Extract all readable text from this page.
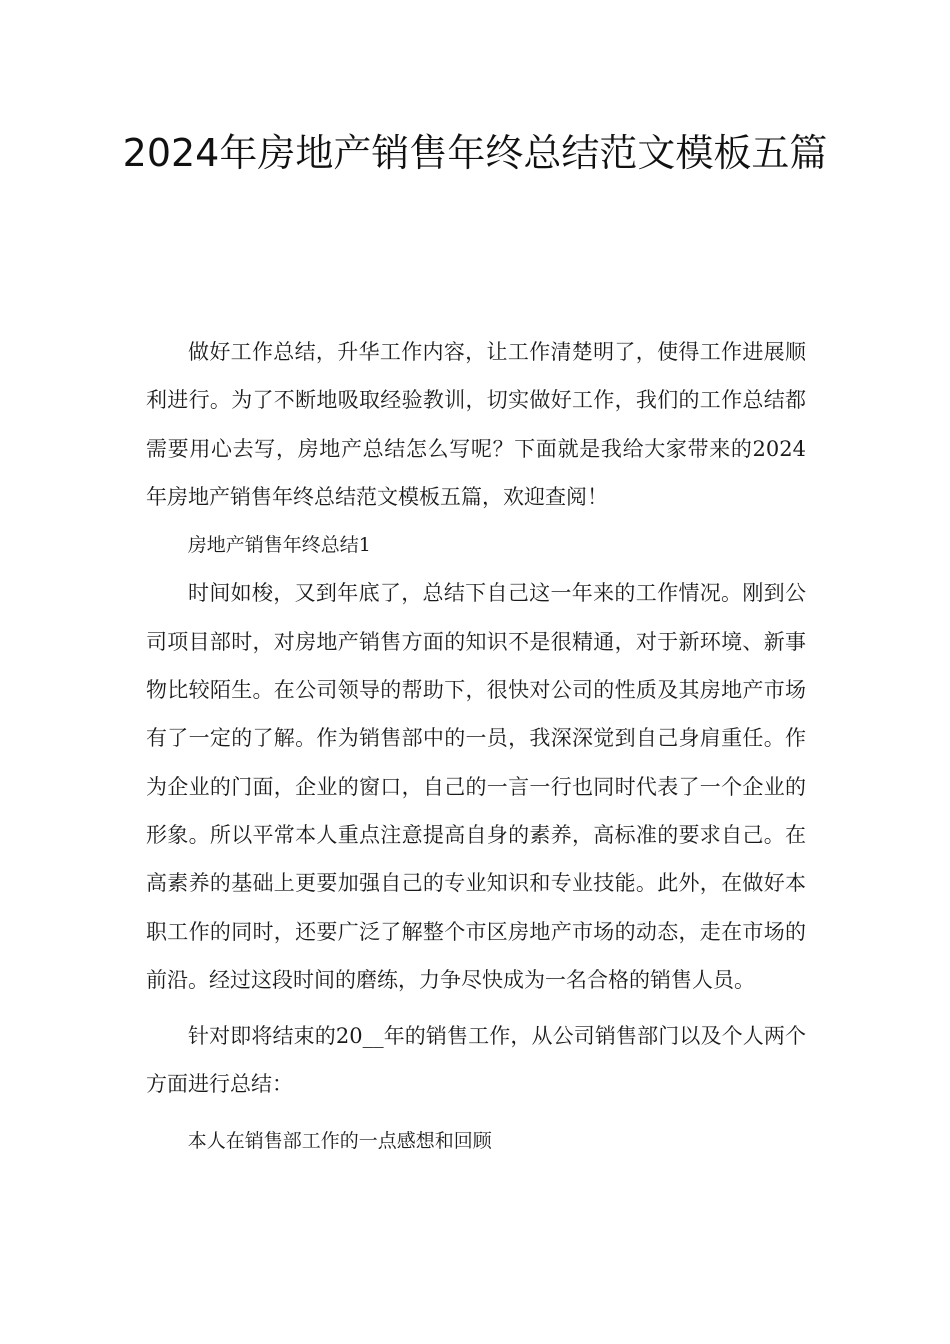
2024年房地产销售年终总结范文模板五篇

做好工作总结，升华工作内容，让工作清楚明了，使得工作进展顺利进行。为了不断地吸取经验教训，切实做好工作，我们的工作总结都需要用心去写，房地产总结怎么写呢？下面就是我给大家带来的2024年房地产销售年终总结范文模板五篇，欢迎查阅！

房地产销售年终总结1

时间如梭，又到年底了，总结下自己这一年来的工作情况。刚到公司项目部时，对房地产销售方面的知识不是很精通，对于新环境、新事物比较陌生。在公司领导的帮助下，很快对公司的性质及其房地产市场有了一定的了解。作为销售部中的一员，我深深觉到自己身肩重任。作为企业的门面，企业的窗口，自己的一言一行也同时代表了一个企业的形象。所以平常本人重点注意提高自身的素养，高标准的要求自己。在高素养的基础上更要加强自己的专业知识和专业技能。此外，在做好本职工作的同时，还要广泛了解整个市区房地产市场的动态，走在市场的前沿。经过这段时间的磨练，力争尽快成为一名合格的销售人员。

针对即将结束的20__年的销售工作，从公司销售部门以及个人两个方面进行总结：

本人在销售部工作的一点感想和回顾
